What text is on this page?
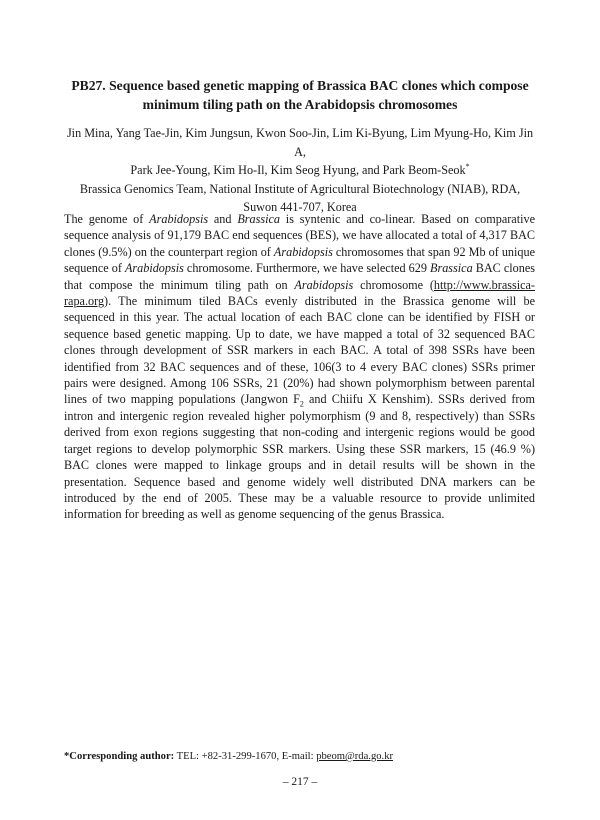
PB27. Sequence based genetic mapping of Brassica BAC clones which compose
minimum tiling path on the Arabidopsis chromosomes
Jin Mina, Yang Tae-Jin, Kim Jungsun, Kwon Soo-Jin, Lim Ki-Byung, Lim Myung-Ho, Kim Jin A,
Park Jee-Young, Kim Ho-Il, Kim Seog Hyung, and Park Beom-Seok*
Brassica Genomics Team, National Institute of Agricultural Biotechnology (NIAB), RDA,
Suwon 441-707, Korea
The genome of Arabidopsis and Brassica is syntenic and co-linear. Based on comparative sequence analysis of 91,179 BAC end sequences (BES), we have allocated a total of 4,317 BAC clones (9.5%) on the counterpart region of Arabidopsis chromosomes that span 92 Mb of unique sequence of Arabidopsis chromosome. Furthermore, we have selected 629 Brassica BAC clones that compose the minimum tiling path on Arabidopsis chromosome (http://www.brassica-rapa.org). The minimum tiled BACs evenly distributed in the Brassica genome will be sequenced in this year. The actual location of each BAC clone can be identified by FISH or sequence based genetic mapping. Up to date, we have mapped a total of 32 sequenced BAC clones through development of SSR markers in each BAC. A total of 398 SSRs have been identified from 32 BAC sequences and of these, 106(3 to 4 every BAC clones) SSRs primer pairs were designed. Among 106 SSRs, 21 (20%) had shown polymorphism between parental lines of two mapping populations (Jangwon $F_2$ and Chiifu X Kenshim). SSRs derived from intron and intergenic region revealed higher polymorphism (9 and 8, respectively) than SSRs derived from exon regions suggesting that non-coding and intergenic regions would be good target regions to develop polymorphic SSR markers. Using these SSR markers, 15 (46.9 %) BAC clones were mapped to linkage groups and in detail results will be shown in the presentation. Sequence based and genome widely well distributed DNA markers can be introduced by the end of 2005. These may be a valuable resource to provide unlimited information for breeding as well as genome sequencing of the genus Brassica.
*Corresponding author: TEL: +82-31-299-1670, E-mail: pbeom@rda.go.kr
– 217 –
